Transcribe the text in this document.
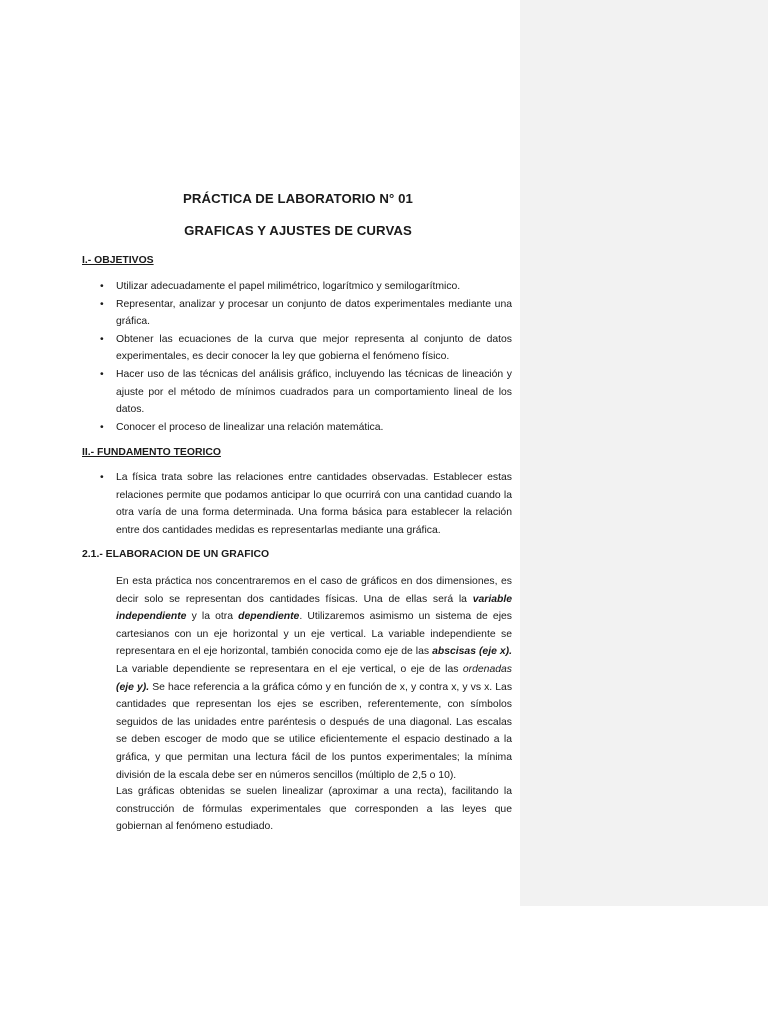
PRÁCTICA DE LABORATORIO N° 01
GRAFICAS Y AJUSTES DE CURVAS
I.- OBJETIVOS
• Utilizar adecuadamente el papel milimétrico, logarítmico y semilogarítmico.
• Representar, analizar y procesar un conjunto de datos experimentales mediante una gráfica.
• Obtener las ecuaciones de la curva que mejor representa al conjunto de datos experimentales, es decir conocer la ley que gobierna el fenómeno físico.
• Hacer uso de las técnicas del análisis gráfico, incluyendo las técnicas de lineación y ajuste por el método de mínimos cuadrados para un comportamiento lineal de los datos.
• Conocer el proceso de linealizar una relación matemática.
II.- FUNDAMENTO TEORICO
• La física trata sobre las relaciones entre cantidades observadas. Establecer estas relaciones permite que podamos anticipar lo que ocurrirá con una cantidad cuando la otra varía de una forma determinada. Una forma básica para establecer la relación entre dos cantidades medidas es representarlas mediante una gráfica.
2.1.- ELABORACION DE UN GRAFICO

En esta práctica nos concentraremos en el caso de gráficos en dos dimensiones, es decir solo se representan dos cantidades físicas. Una de ellas será la variable independiente y la otra dependiente. Utilizaremos asimismo un sistema de ejes cartesianos con un eje horizontal y un eje vertical. La variable independiente se representara en el eje horizontal, también conocida como eje de las abscisas (eje x). La variable dependiente se representara en el eje vertical, o eje de las ordenadas (eje y). Se hace referencia a la gráfica cómo y en función de x, y contra x, y vs x. Las cantidades que representan los ejes se escriben, referentemente, con símbolos seguidos de las unidades entre paréntesis o después de una diagonal. Las escalas se deben escoger de modo que se utilice eficientemente el espacio destinado a la gráfica, y que permitan una lectura fácil de los puntos experimentales; la mínima división de la escala debe ser en números sencillos (múltiplo de 2,5 o 10).

Las gráficas obtenidas se suelen linealizar (aproximar a una recta), facilitando la construcción de fórmulas experimentales que corresponden a las leyes que gobiernan al fenómeno estudiado.
